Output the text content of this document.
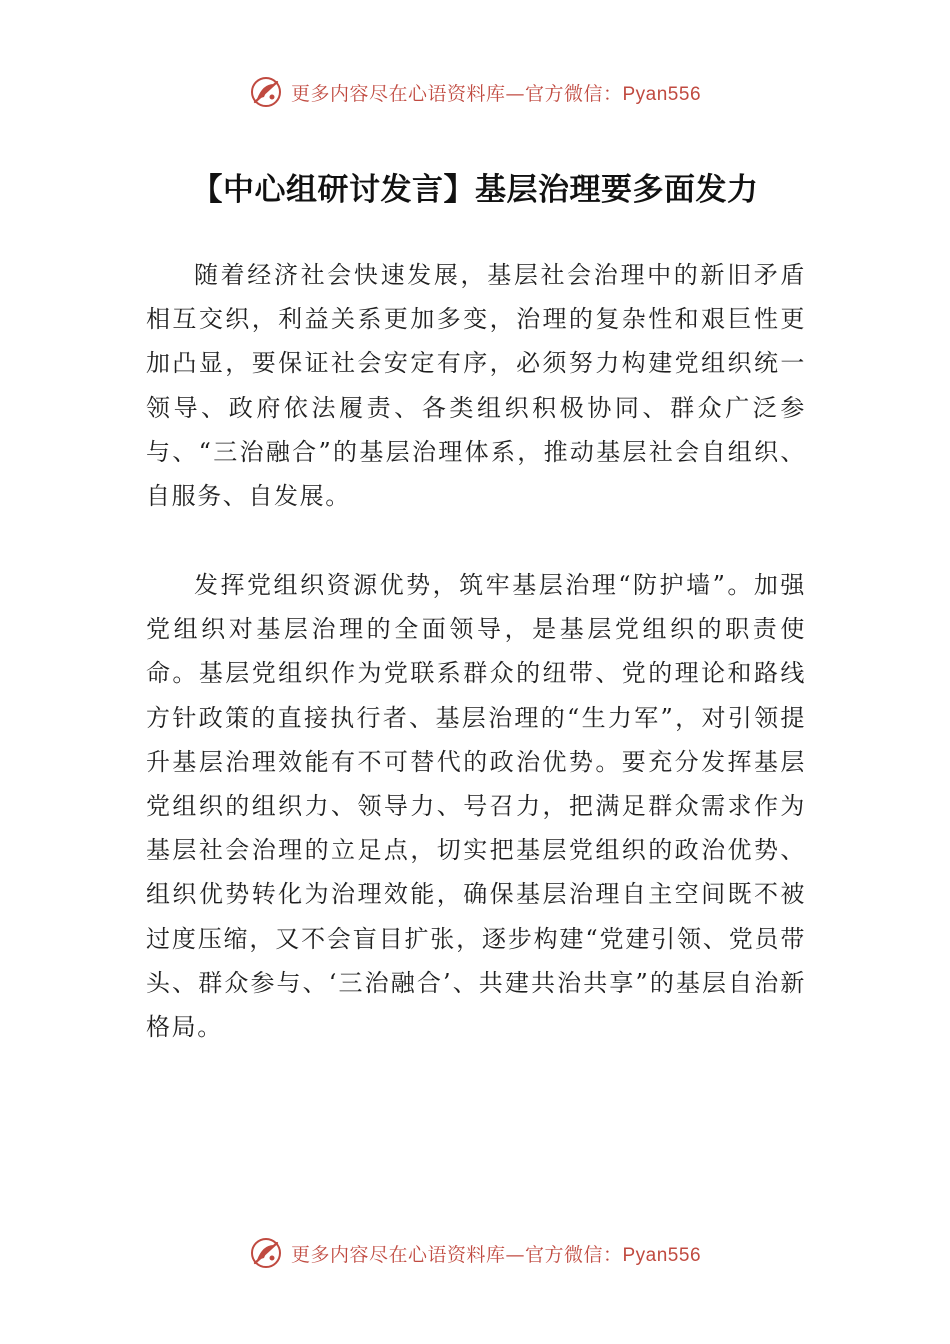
更多内容尽在心语资料库—官方微信：Pyan556
【中心组研讨发言】基层治理要多面发力

随着经济社会快速发展，基层社会治理中的新旧矛盾相互交织，利益关系更加多变，治理的复杂性和艰巨性更加凸显，要保证社会安定有序，必须努力构建党组织统一领导、政府依法履责、各类组织积极协同、群众广泛参与、“三治融合”的基层治理体系，推动基层社会自组织、自服务、自发展。

发挥党组织资源优势，筑牢基层治理“防护墙”。加强党组织对基层治理的全面领导，是基层党组织的职责使命。基层党组织作为党联系群众的纽带、党的理论和路线方针政策的直接执行者、基层治理的“生力军”，对引领提升基层治理效能有不可替代的政治优势。要充分发挥基层党组织的组织力、领导力、号召力，把满足群众需求作为基层社会治理的立足点，切实把基层党组织的政治优势、组织优势转化为治理效能，确保基层治理自主空间既不被过度压缩，又不会盲目扩张，逐步构建“党建引领、党员带头、群众参与、‘三治融合’、共建共治共享”的基层自治新格局。

更多内容尽在心语资料库—官方微信：Pyan556
